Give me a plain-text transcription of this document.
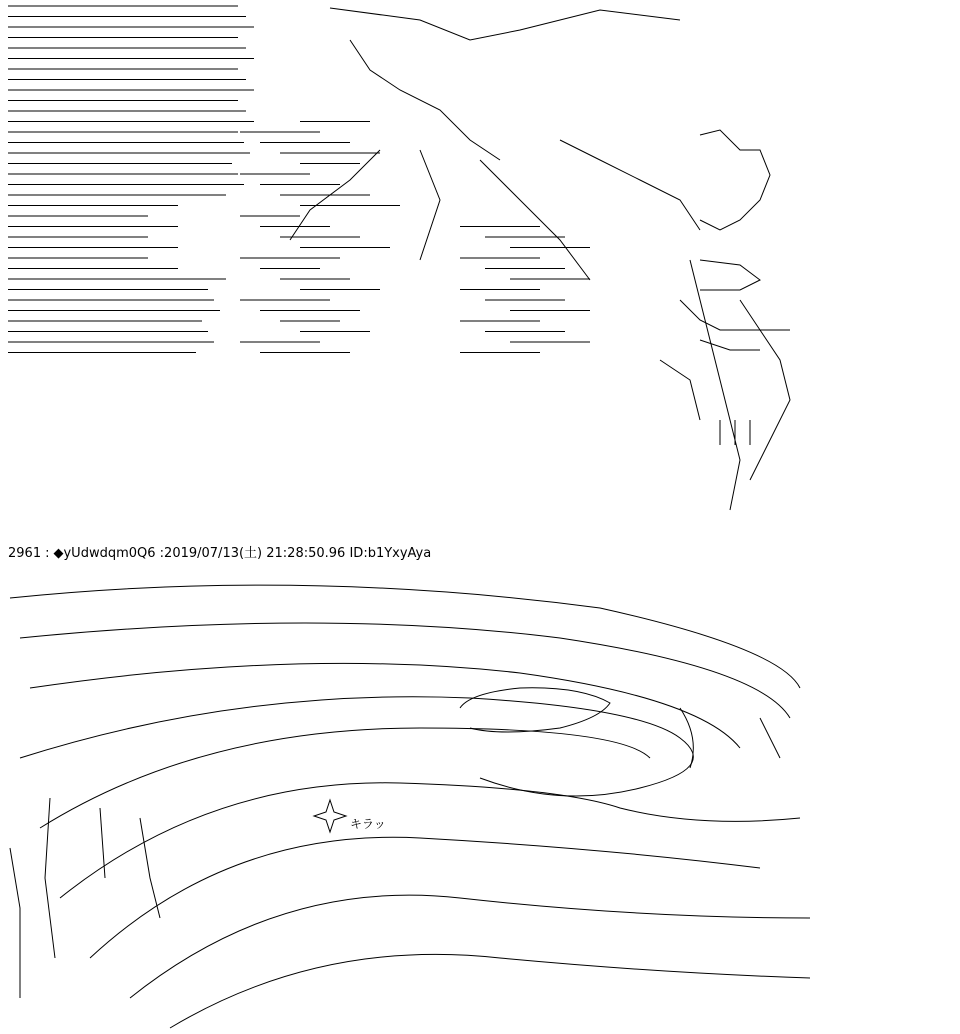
2961 : ◆yUdwdqm0Q6 :2019/07/13(土) 21:28:50.96 ID:b1YxyAya
キラッ
